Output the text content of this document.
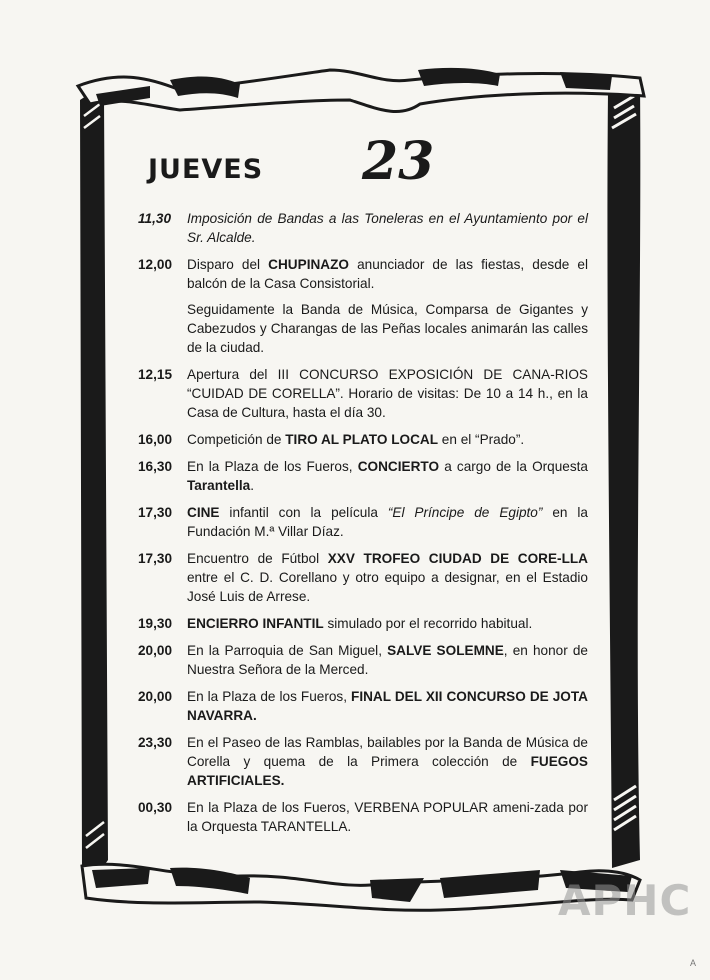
JUEVES 23
11,30	Imposición de Bandas a las Toneleras en el Ayuntamiento por el Sr. Alcalde.
12,00	Disparo del CHUPINAZO anunciador de las fiestas, desde el balcón de la Casa Consistorial.
Seguidamente la Banda de Música, Comparsa de Gigantes y Cabezudos y Charangas de las Peñas locales animarán las calles de la ciudad.
12,15	Apertura del III CONCURSO EXPOSICIÓN DE CANA-RIOS “CUIDAD DE CORELLA”. Horario de visitas: De 10 a 14 h., en la Casa de Cultura, hasta el día 30.
16,00	Competición de TIRO AL PLATO LOCAL en el “Prado”.
16,30	En la Plaza de los Fueros, CONCIERTO a cargo de la Orquesta Tarantella.
17,30	CINE infantil con la película “El Príncipe de Egipto” en la Fundación M.ª Villar Díaz.
17,30	Encuentro de Fútbol XXV TROFEO CIUDAD DE CORE-LLA entre el C. D. Corellano y otro equipo a designar, en el Estadio José Luis de Arrese.
19,30	ENCIERRO INFANTIL simulado por el recorrido habitual.
20,00	En la Parroquia de San Miguel, SALVE SOLEMNE, en honor de Nuestra Señora de la Merced.
20,00	En la Plaza de los Fueros, FINAL DEL XII CONCURSO DE JOTA NAVARRA.
23,30	En el Paseo de las Ramblas, bailables por la Banda de Música de Corella y quema de la Primera colección de FUEGOS ARTIFICIALES.
00,30	En la Plaza de los Fueros, VERBENA POPULAR ameni-zada por la Orquesta TARANTELLA.
APHC
A
